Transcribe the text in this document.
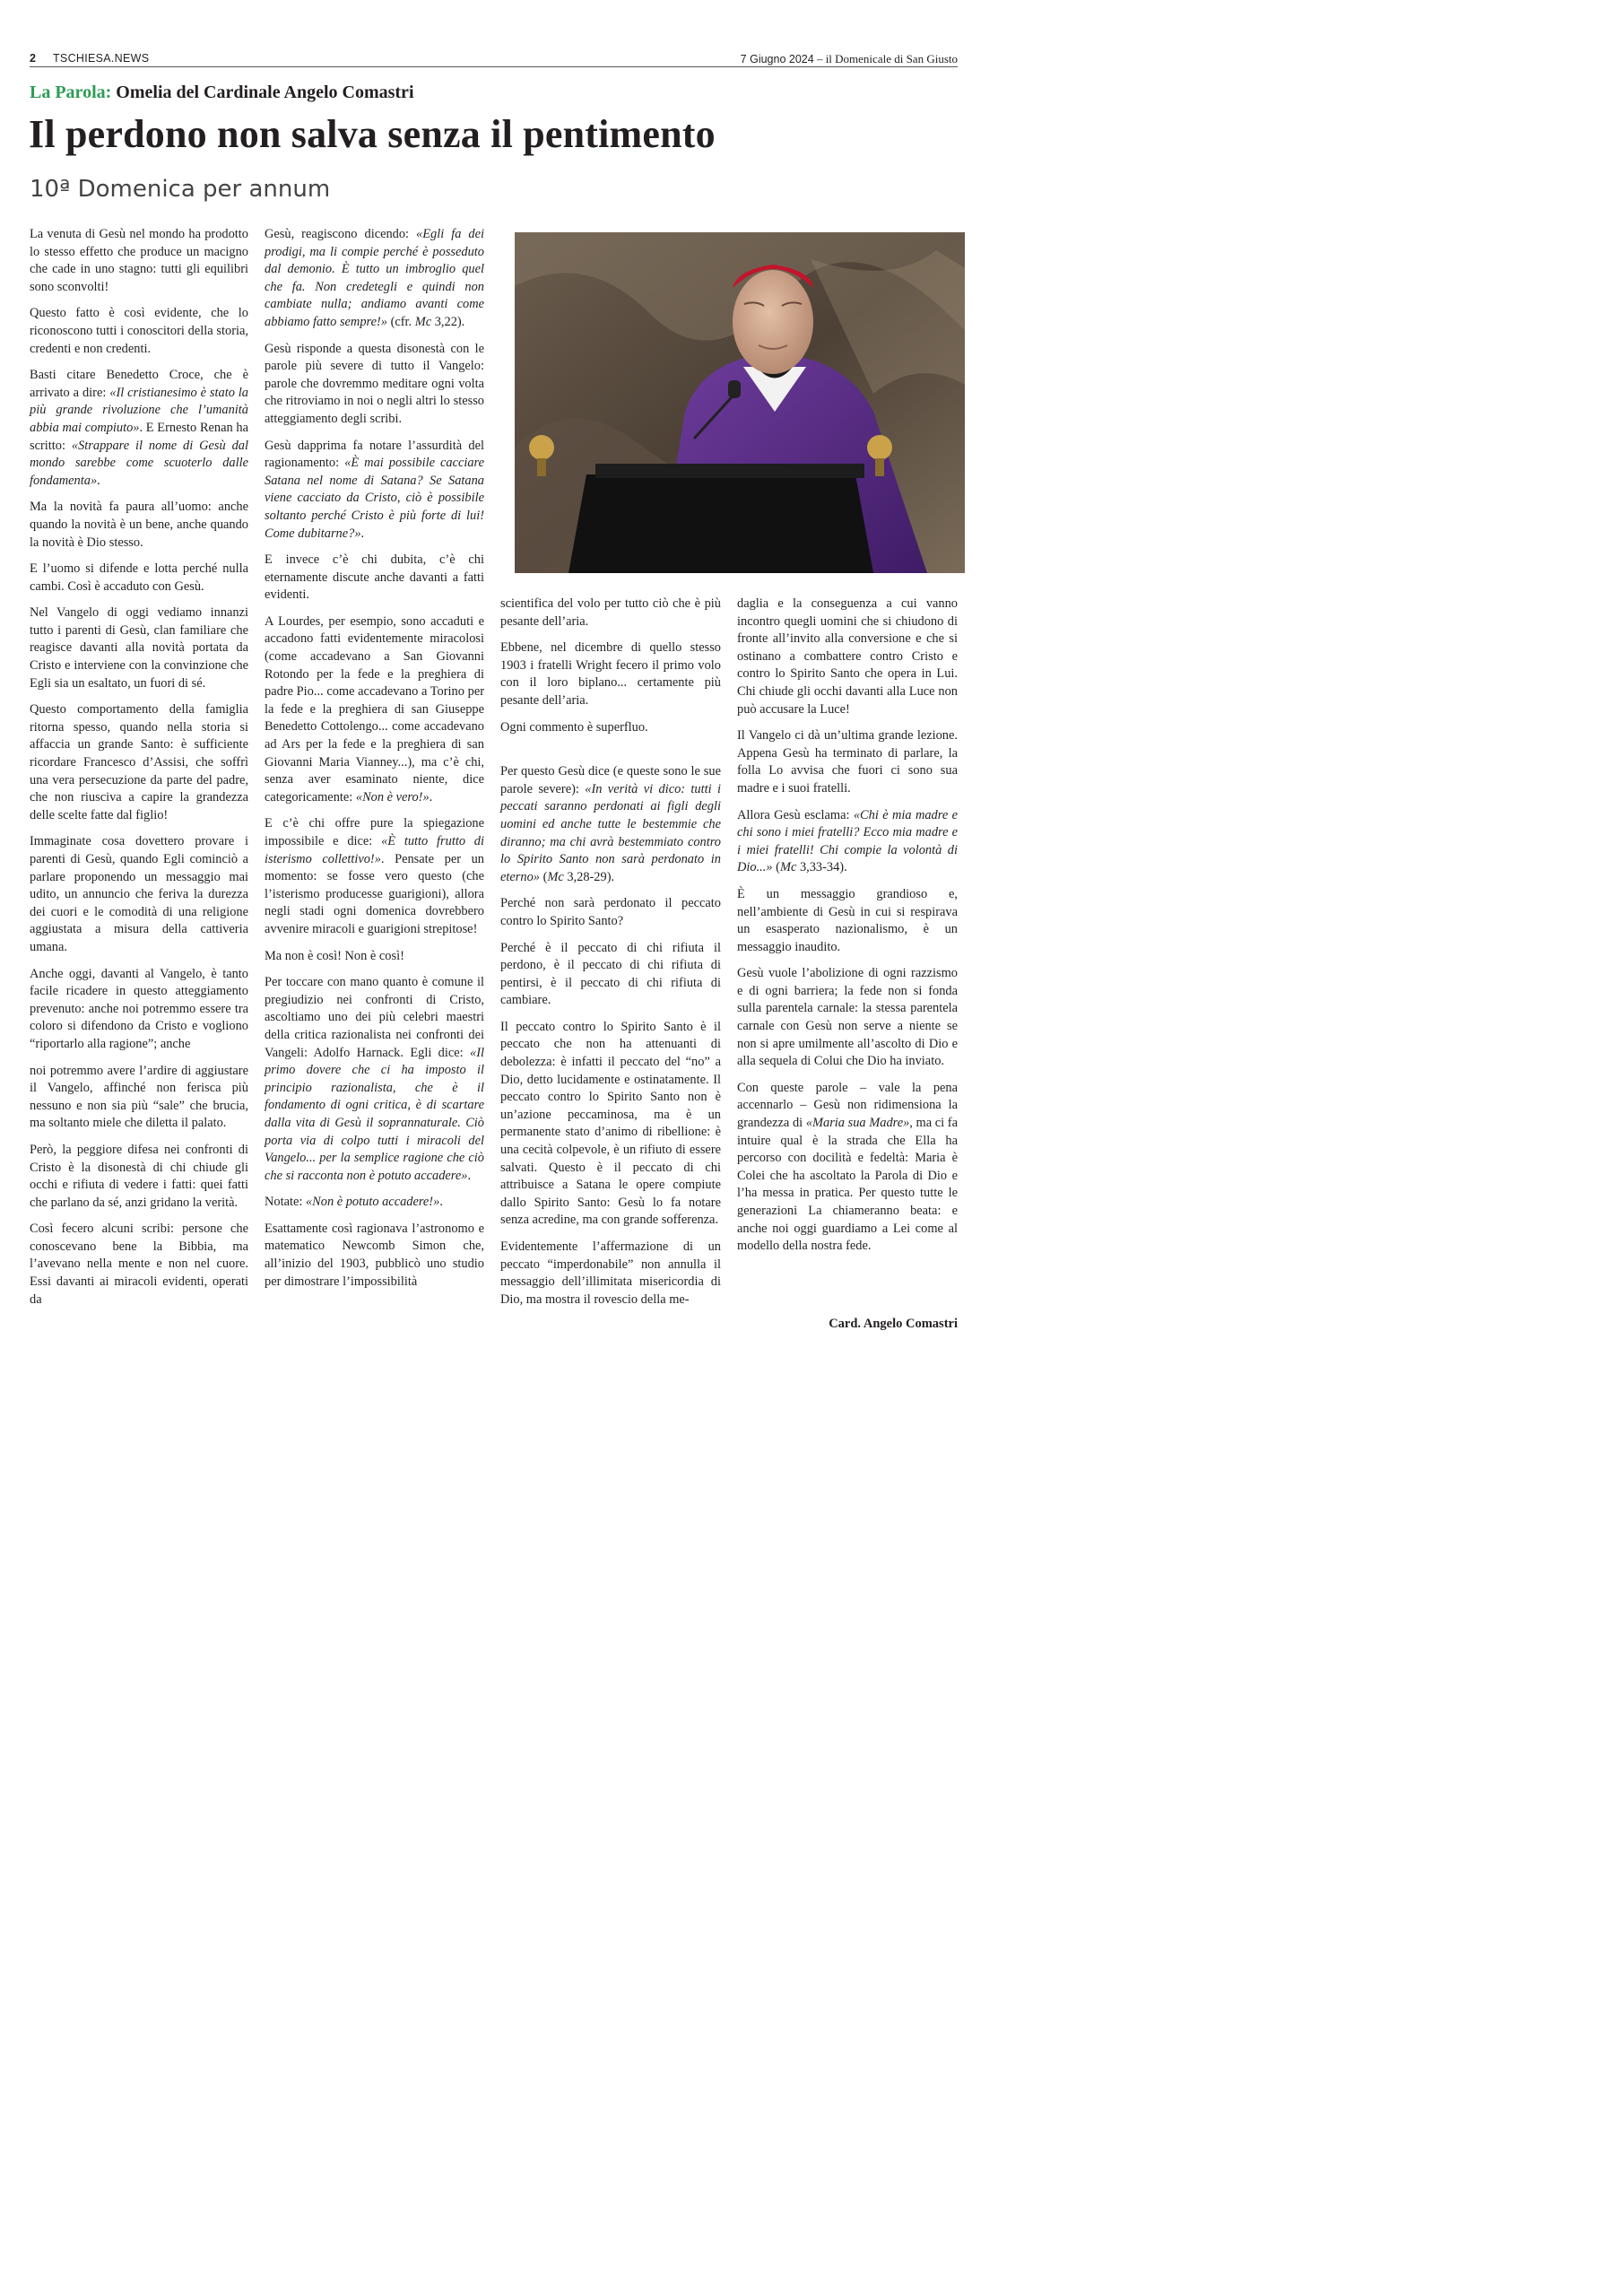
2 TSCHIESA.NEWS	7 Giugno 2024 – il Domenicale di San Giusto
La Parola: Omelia del Cardinale Angelo Comastri
Il perdono non salva senza il pentimento
10ª Domenica per annum

La venuta di Gesù nel mondo ha prodotto lo stesso effetto che produce un macigno che cade in uno stagno: tutti gli equilibri sono sconvolti!

Questo fatto è così evidente, che lo riconoscono tutti i conoscitori della storia, credenti e non credenti.

Basti citare Benedetto Croce, che è arrivato a dire: «Il cristianesimo è stato la più grande rivoluzione che l’umanità abbia mai compiuto». E Ernesto Renan ha scritto: «Strappare il nome di Gesù dal mondo sarebbe come scuoterlo dalle fondamenta».

Ma la novità fa paura all’uomo: anche quando la novità è un bene, anche quando la novità è Dio stesso.

E l’uomo si difende e lotta perché nulla cambi. Così è accaduto con Gesù.

Nel Vangelo di oggi vediamo innanzi tutto i parenti di Gesù, clan familiare che reagisce davanti alla novità portata da Cristo e interviene con la convinzione che Egli sia un esaltato, un fuori di sé.

Questo comportamento della famiglia ritorna spesso, quando nella storia si affaccia un grande Santo: è sufficiente ricordare Francesco d’Assisi, che soffrì una vera persecuzione da parte del padre, che non riusciva a capire la grandezza delle scelte fatte dal figlio!

Immaginate cosa dovettero provare i parenti di Gesù, quando Egli cominciò a parlare proponendo un messaggio mai udito, un annuncio che feriva la durezza dei cuori e le comodità di una religione aggiustata a misura della cattiveria umana.

Anche oggi, davanti al Vangelo, è tanto facile ricadere in questo atteggiamento prevenuto: anche noi potremmo essere tra coloro si difendono da Cristo e vogliono “riportarlo alla ragione”; anche

noi potremmo avere l’ardire di aggiustare il Vangelo, affinché non ferisca più nessuno e non sia più “sale” che brucia, ma soltanto miele che diletta il palato.

Però, la peggiore difesa nei confronti di Cristo è la disonestà di chi chiude gli occhi e rifiuta di vedere i fatti: quei fatti che parlano da sé, anzi gridano la verità.

Così fecero alcuni scribi: persone che conoscevano bene la Bibbia, ma l’avevano nella mente e non nel cuore. Essi davanti ai miracoli evidenti, operati da

Gesù, reagiscono dicendo: «Egli fa dei prodigi, ma li compie perché è posseduto dal demonio. È tutto un imbroglio quel che fa. Non credetegli e quindi non cambiate nulla; andiamo avanti come abbiamo fatto sempre!» (cfr. Mc 3,22).

Gesù risponde a questa disonestà con le parole più severe di tutto il Vangelo: parole che dovremmo meditare ogni volta che ritroviamo in noi o negli altri lo stesso atteggiamento degli scribi.

Gesù dapprima fa notare l’assurdità del ragionamento: «È mai possibile cacciare Satana nel nome di Satana? Se Satana viene cacciato da Cristo, ciò è possibile soltanto perché Cristo è più forte di lui! Come dubitarne?».

E invece c’è chi dubita, c’è chi eternamente discute anche davanti a fatti evidenti.

A Lourdes, per esempio, sono accaduti e accadono fatti evidentemente miracolosi (come accadevano a San Giovanni Rotondo per la fede e la preghiera di padre Pio... come accadevano a Torino per la fede e la preghiera di san Giuseppe Benedetto Cottolengo... come accadevano ad Ars per la fede e la preghiera di san Giovanni Maria Vianney...), ma c’è chi, senza aver esaminato niente, dice categoricamente: «Non è vero!».

E c’è chi offre pure la spiegazione impossibile e dice: «È tutto frutto di isterismo collettivo!». Pensate per un momento: se fosse vero questo (che l’isterismo producesse guarigioni), allora negli stadi ogni domenica dovrebbero avvenire miracoli e guarigioni strepitose!

Ma non è così! Non è così!

Per toccare con mano quanto è comune il pregiudizio nei confronti di Cristo, ascoltiamo uno dei più celebri maestri della critica razionalista nei confronti dei Vangeli: Adolfo Harnack. Egli dice: «Il primo dovere che ci ha imposto il principio razionalista, che è il fondamento di ogni critica, è di scartare dalla vita di Gesù il soprannaturale. Ciò porta via di colpo tutti i miracoli del Vangelo... per la semplice ragione che ciò che si racconta non è potuto accadere».

Notate: «Non è potuto accadere!».

Esattamente così ragionava l’astronomo e matematico Newcomb Simon che, all’inizio del 1903, pubblicò uno studio per dimostrare l’impossibilità

scientifica del volo per tutto ciò che è più pesante dell’aria.

Ebbene, nel dicembre di quello stesso 1903 i fratelli Wright fecero il primo volo con il loro biplano... certamente più pesante dell’aria.

Ogni commento è superfluo.

Per questo Gesù dice (e queste sono le sue parole severe): «In verità vi dico: tutti i peccati saranno perdonati ai figli degli uomini ed anche tutte le bestemmie che diranno; ma chi avrà bestemmiato contro lo Spirito Santo non sarà perdonato in eterno» (Mc 3,28-29).

Perché non sarà perdonato il peccato contro lo Spirito Santo?

Perché è il peccato di chi rifiuta il perdono, è il peccato di chi rifiuta di pentirsi, è il peccato di chi rifiuta di cambiare.

Il peccato contro lo Spirito Santo è il peccato che non ha attenuanti di debolezza: è infatti il peccato del “no” a Dio, detto lucidamente e ostinatamente. Il peccato contro lo Spirito Santo non è un’azione peccaminosa, ma è un permanente stato d’animo di ribellione: è una cecità colpevole, è un rifiuto di essere salvati. Questo è il peccato di chi attribuisce a Satana le opere compiute dallo Spirito Santo: Gesù lo fa notare senza acredine, ma con grande sofferenza.

Evidentemente l’affermazione di un peccato “imperdonabile” non annulla il messaggio dell’illimitata misericordia di Dio, ma mostra il rovescio della me-

daglia e la conseguenza a cui vanno incontro quegli uomini che si chiudono di fronte all’invito alla conversione e che si ostinano a combattere contro Cristo e contro lo Spirito Santo che opera in Lui. Chi chiude gli occhi davanti alla Luce non può accusare la Luce!

Il Vangelo ci dà un’ultima grande lezione. Appena Gesù ha terminato di parlare, la folla Lo avvisa che fuori ci sono sua madre e i suoi fratelli.

Allora Gesù esclama: «Chi è mia madre e chi sono i miei fratelli? Ecco mia madre e i miei fratelli! Chi compie la volontà di Dio...» (Mc 3,33-34).

È un messaggio grandioso e, nell’ambiente di Gesù in cui si respirava un esasperato nazionalismo, è un messaggio inaudito.

Gesù vuole l’abolizione di ogni razzismo e di ogni barriera; la fede non si fonda sulla parentela carnale: la stessa parentela carnale con Gesù non serve a niente se non si apre umilmente all’ascolto di Dio e alla sequela di Colui che Dio ha inviato.

Con queste parole – vale la pena accennarlo – Gesù non ridimensiona la grandezza di «Maria sua Madre», ma ci fa intuire qual è la strada che Ella ha percorso con docilità e fedeltà: Maria è Colei che ha ascoltato la Parola di Dio e l’ha messa in pratica. Per questo tutte le generazioni La chiameranno beata: e anche noi oggi guardiamo a Lei come al modello della nostra fede.

Card. Angelo Comastri
